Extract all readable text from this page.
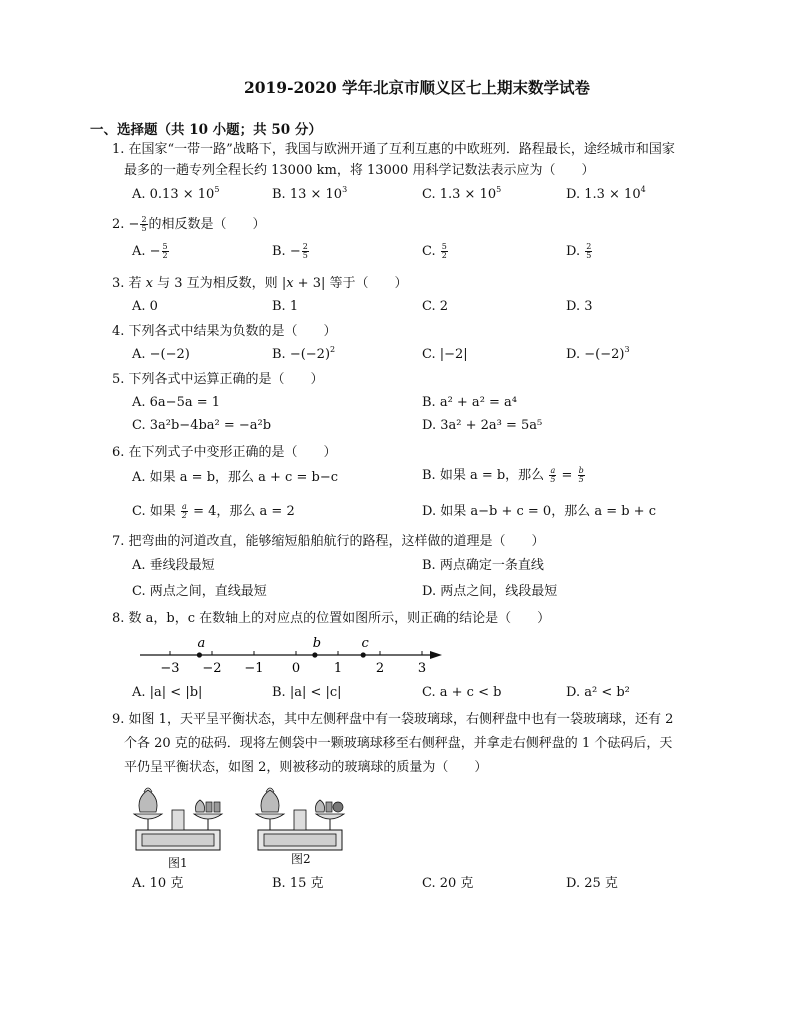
2019-2020 学年北京市顺义区七上期末数学试卷
一、选择题（共 10 小题；共 50 分）
1. 在国家“一带一路”战略下，我国与欧洲开通了互利互惠的中欧班列．路程最长，途经城市和国家
最多的一趟专列全程长约 13000 km，将 13000 用科学记数法表示应为（　　）
A. $0.13 \times 10^5$	B. $13 \times 10^3$	C. $1.3 \times 10^5$	D. $1.3 \times 10^4$
2. − $\frac{2}{5}$ 的相反数是（　　）
A. − $\frac{5}{2}$	B. − $\frac{2}{5}$	C. $\frac{5}{2}$	D. $\frac{2}{5}$
3. 若 x 与 3 互为相反数，则 |x + 3| 等于（　　）
A. 0	B. 1	C. 2	D. 3
4. 下列各式中结果为负数的是（　　）
A. −(−2)	B. $-(-2)^2$	C. |−2|	D. $-(-2)^3$
5. 下列各式中运算正确的是（　　）
A. 6a−5a = 1	B. a² + a² = a⁴
C. 3a²b−4ba² = −a²b	D. 3a² + 2a³ = 5a⁵
6. 在下列式子中变形正确的是（　　）
A. 如果 a = b，那么 a + c = b−c	B. 如果 a = b，那么 $\frac{a}{5} = \frac{b}{5}$
C. 如果 $\frac{a}{2} = 4$，那么 a = 2	D. 如果 a−b + c = 0，那么 a = b + c
7. 把弯曲的河道改直，能够缩短船舶航行的路程，这样做的道理是（　　）
A. 垂线段最短	B. 两点确定一条直线
C. 两点之间，直线最短	D. 两点之间，线段最短
8. 数 a，b，c 在数轴上的对应点的位置如图所示，则正确的结论是（　　）
−3 −2 −1 0	1	2	3
a	b	c
A. |a| < |b|	B. |a| < |c|	C. a + c < b	D. a² < b²
9. 如图 1，天平呈平衡状态，其中左侧秤盘中有一袋玻璃球，右侧秤盘中也有一袋玻璃球，还有 2
个各 20 克的砝码．现将左侧袋中一颗玻璃球移至右侧秤盘，并拿走右侧秤盘的 1 个砝码后，天
平仍呈平衡状态，如图 2，则被移动的玻璃球的质量为（　　）
图1	图2
A. 10 克	B. 15 克	C. 20 克	D. 25 克
